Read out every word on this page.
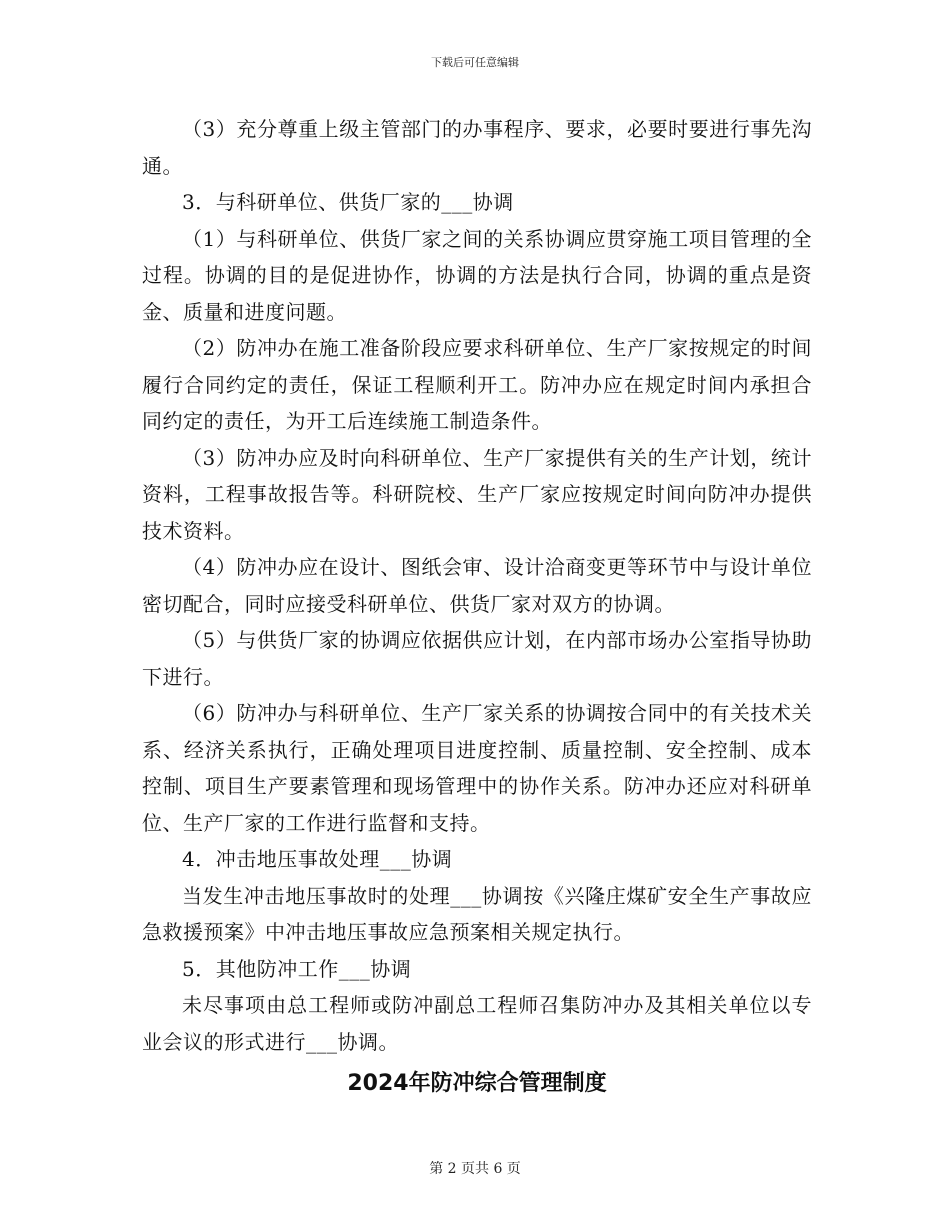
下载后可任意编辑

（3）充分尊重上级主管部门的办事程序、要求，必要时要进行事先沟通。

3．与科研单位、供货厂家的___协调

（1）与科研单位、供货厂家之间的关系协调应贯穿施工项目管理的全过程。协调的目的是促进协作，协调的方法是执行合同，协调的重点是资金、质量和进度问题。

（2）防冲办在施工准备阶段应要求科研单位、生产厂家按规定的时间履行合同约定的责任，保证工程顺利开工。防冲办应在规定时间内承担合同约定的责任，为开工后连续施工制造条件。

（3）防冲办应及时向科研单位、生产厂家提供有关的生产计划，统计资料，工程事故报告等。科研院校、生产厂家应按规定时间向防冲办提供技术资料。

（4）防冲办应在设计、图纸会审、设计洽商变更等环节中与设计单位密切配合，同时应接受科研单位、供货厂家对双方的协调。

（5）与供货厂家的协调应依据供应计划，在内部市场办公室指导协助下进行。

（6）防冲办与科研单位、生产厂家关系的协调按合同中的有关技术关系、经济关系执行，正确处理项目进度控制、质量控制、安全控制、成本控制、项目生产要素管理和现场管理中的协作关系。防冲办还应对科研单位、生产厂家的工作进行监督和支持。

4．冲击地压事故处理___协调

当发生冲击地压事故时的处理___协调按《兴隆庄煤矿安全生产事故应急救援预案》中冲击地压事故应急预案相关规定执行。

5．其他防冲工作___协调

未尽事项由总工程师或防冲副总工程师召集防冲办及其相关单位以专业会议的形式进行___协调。

2024年防冲综合管理制度

第 2 页共 6 页
